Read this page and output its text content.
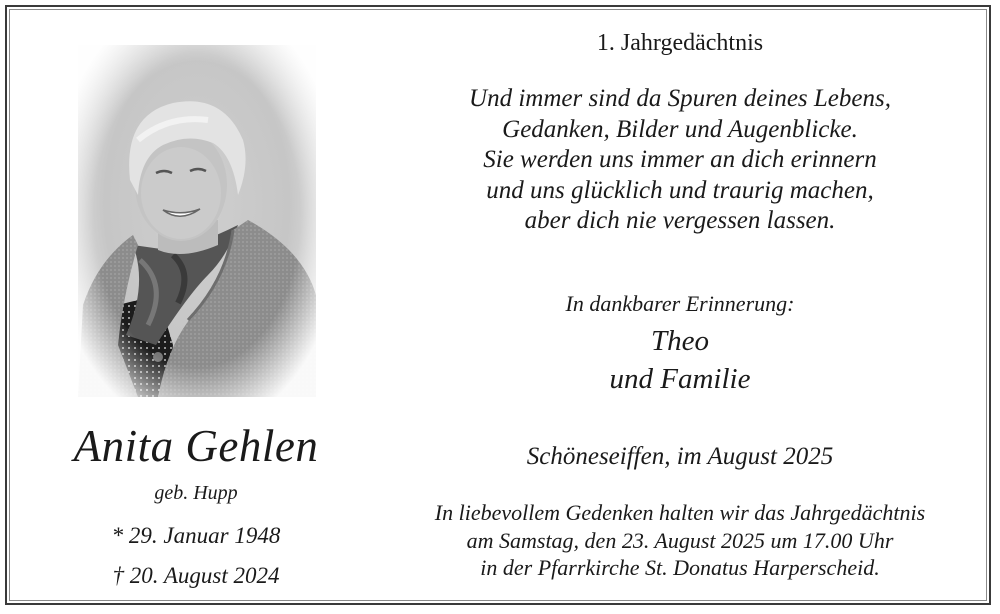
Anita Gehlen
geb. Hupp
* 29. Januar 1948
† 20. August 2024
1. Jahrgedächtnis
Und immer sind da Spuren deines Lebens,
Gedanken, Bilder und Augenblicke.
Sie werden uns immer an dich erinnern
und uns glücklich und traurig machen,
aber dich nie vergessen lassen.
In dankbarer Erinnerung:
Theo
und Familie
Schöneseiffen, im August 2025
In liebevollem Gedenken halten wir das Jahrgedächtnis
am Samstag, den 23. August 2025 um 17.00 Uhr
in der Pfarrkirche St. Donatus Harperscheid.
